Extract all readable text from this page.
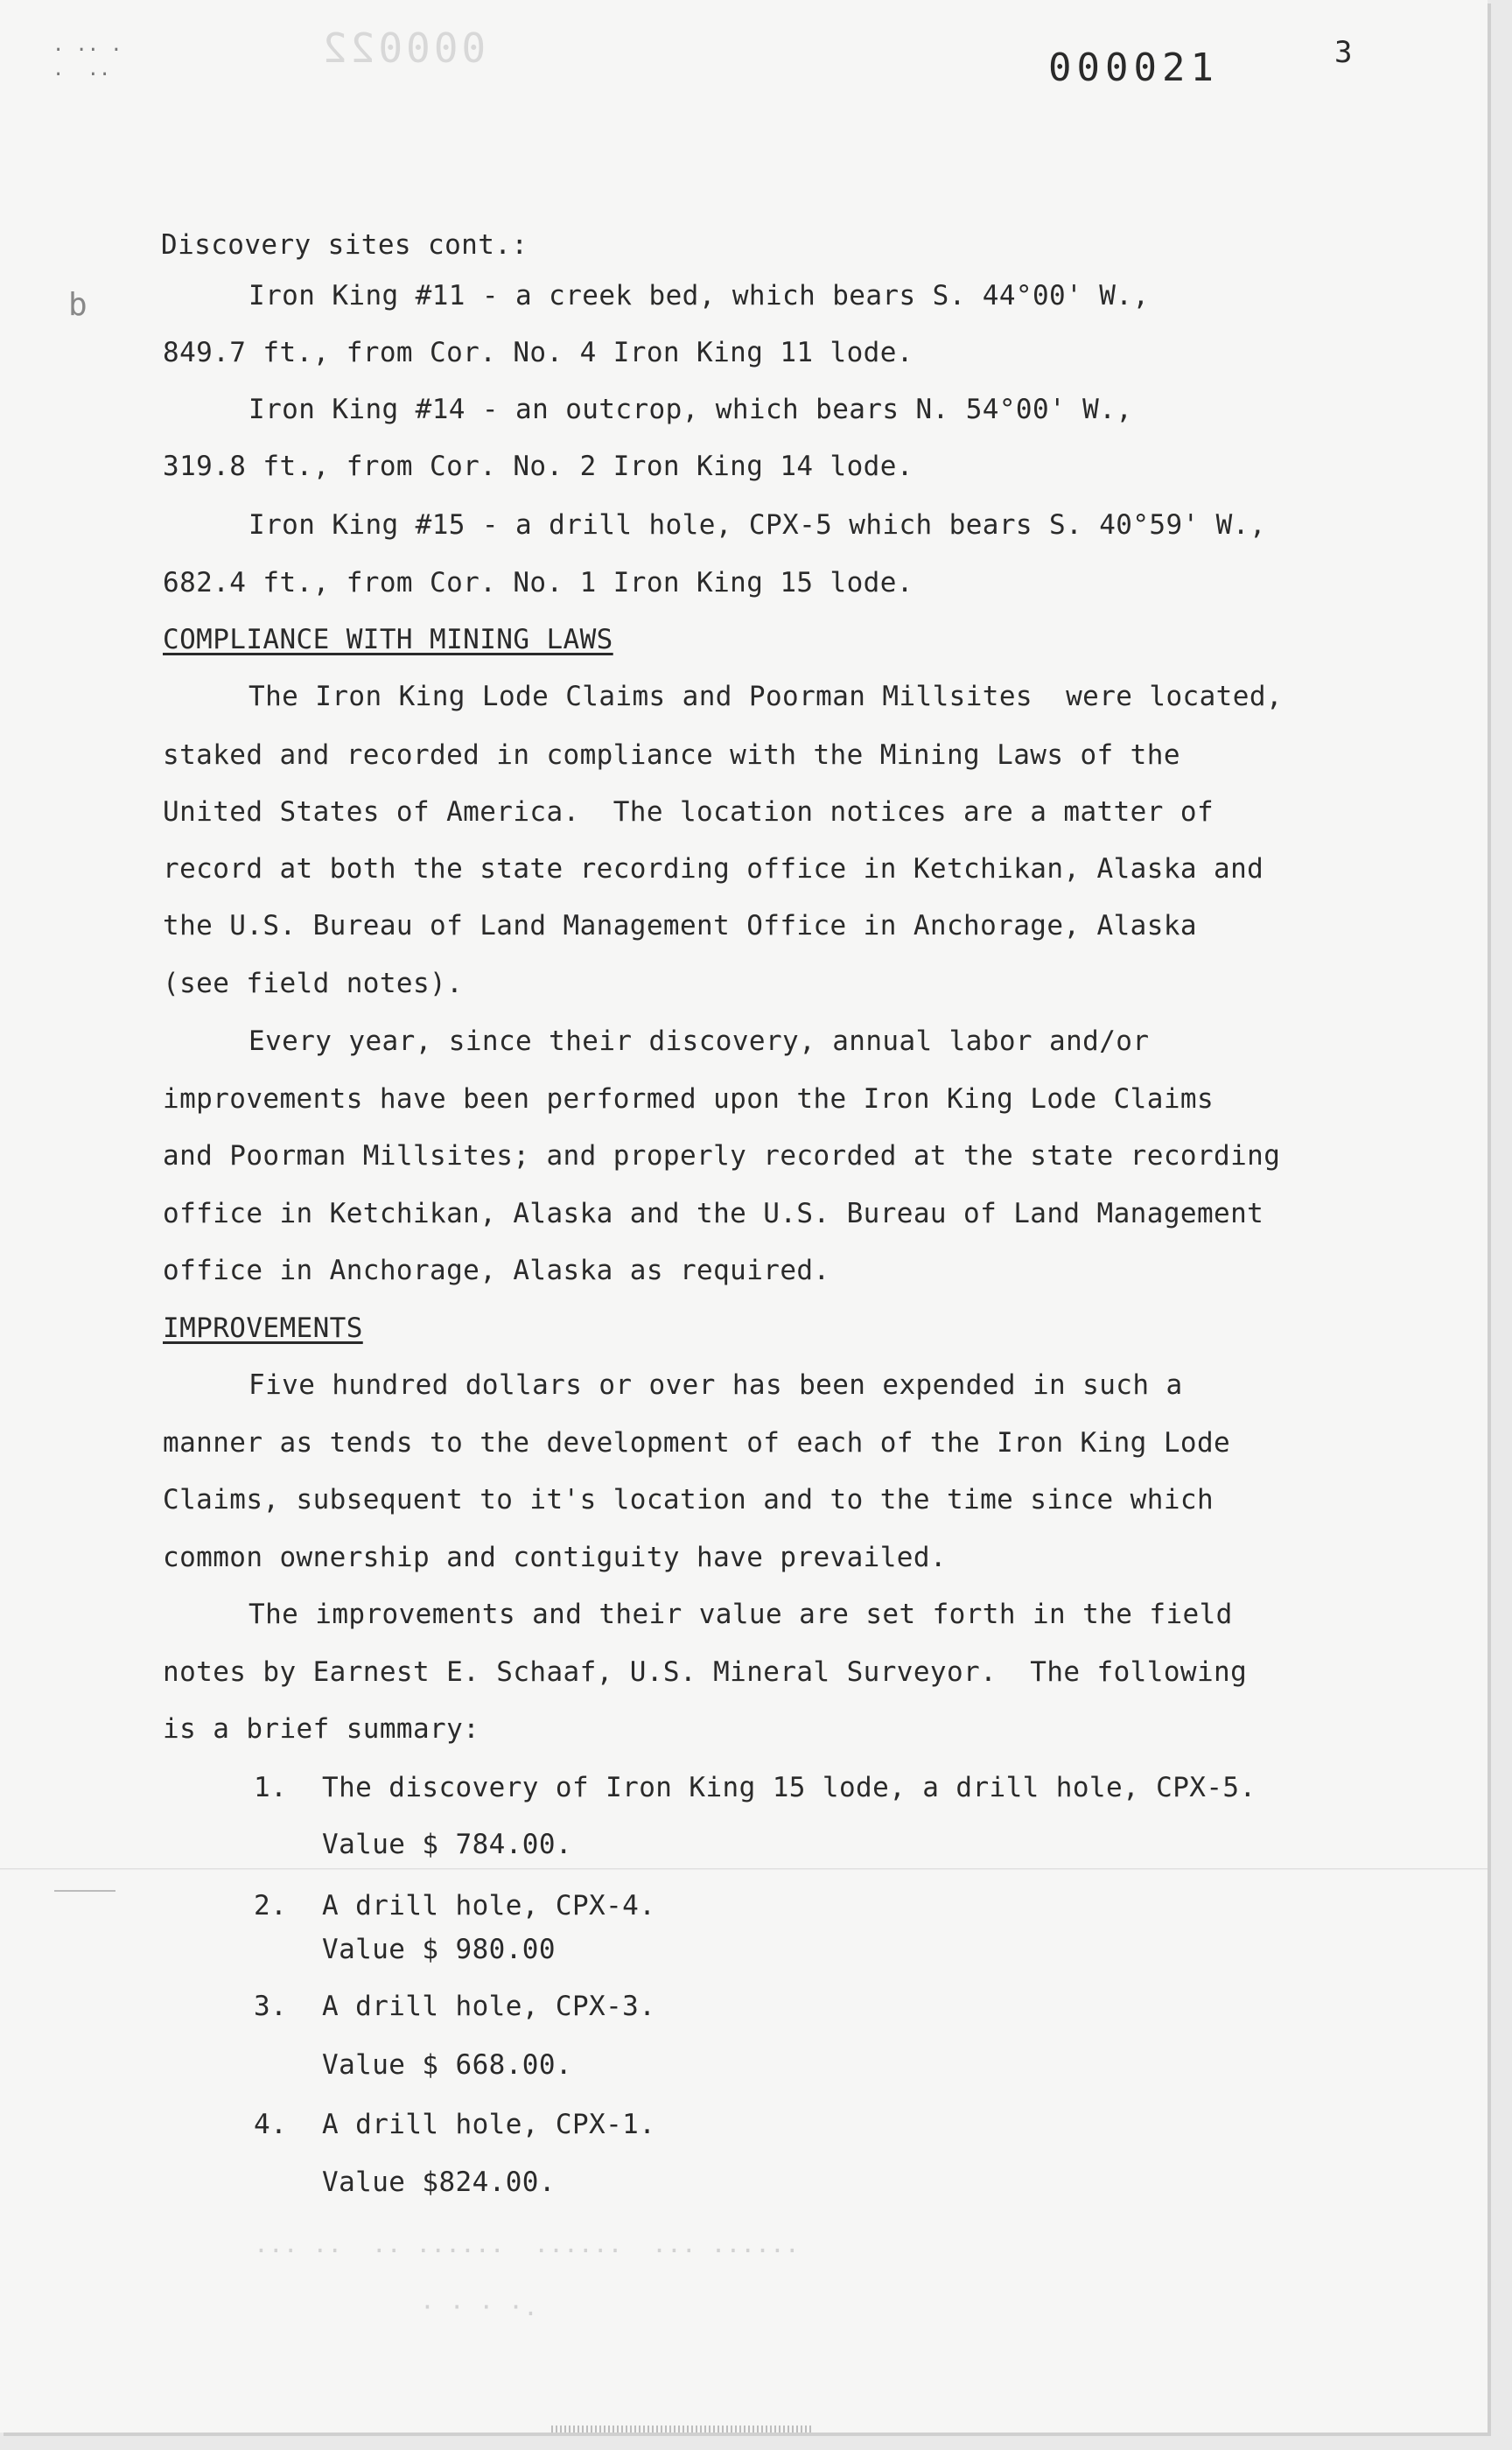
000022
· ·· ·
·  ··	000021	3
b
Discovery sites cont.:
Iron King #11 - a creek bed, which bears S. 44°00' W.,
849.7 ft., from Cor. No. 4 Iron King 11 lode.
Iron King #14 - an outcrop, which bears N. 54°00' W.,
319.8 ft., from Cor. No. 2 Iron King 14 lode.
Iron King #15 - a drill hole, CPX-5 which bears S. 40°59' W.,
682.4 ft., from Cor. No. 1 Iron King 15 lode.
COMPLIANCE WITH MINING LAWS
The Iron King Lode Claims and Poorman Millsites  were located,
staked and recorded in compliance with the Mining Laws of the
United States of America.  The location notices are a matter of
record at both the state recording office in Ketchikan, Alaska and
the U.S. Bureau of Land Management Office in Anchorage, Alaska
(see field notes).
Every year, since their discovery, annual labor and/or
improvements have been performed upon the Iron King Lode Claims
and Poorman Millsites; and properly recorded at the state recording
office in Ketchikan, Alaska and the U.S. Bureau of Land Management
office in Anchorage, Alaska as required.
IMPROVEMENTS
Five hundred dollars or over has been expended in such a
manner as tends to the development of each of the Iron King Lode
Claims, subsequent to it's location and to the time since which
common ownership and contiguity have prevailed.
The improvements and their value are set forth in the field
notes by Earnest E. Schaaf, U.S. Mineral Surveyor.  The following
is a brief summary:
1. The discovery of Iron King 15 lode, a drill hole, CPX-5.
Value $ 784.00.
2. A drill hole, CPX-4.
Value $ 980.00
3. A drill hole, CPX-3.
Value $ 668.00.
4. A drill hole, CPX-1.
Value $824.00.
... ..  .. ......  ......  ... ......
· · · ·.
